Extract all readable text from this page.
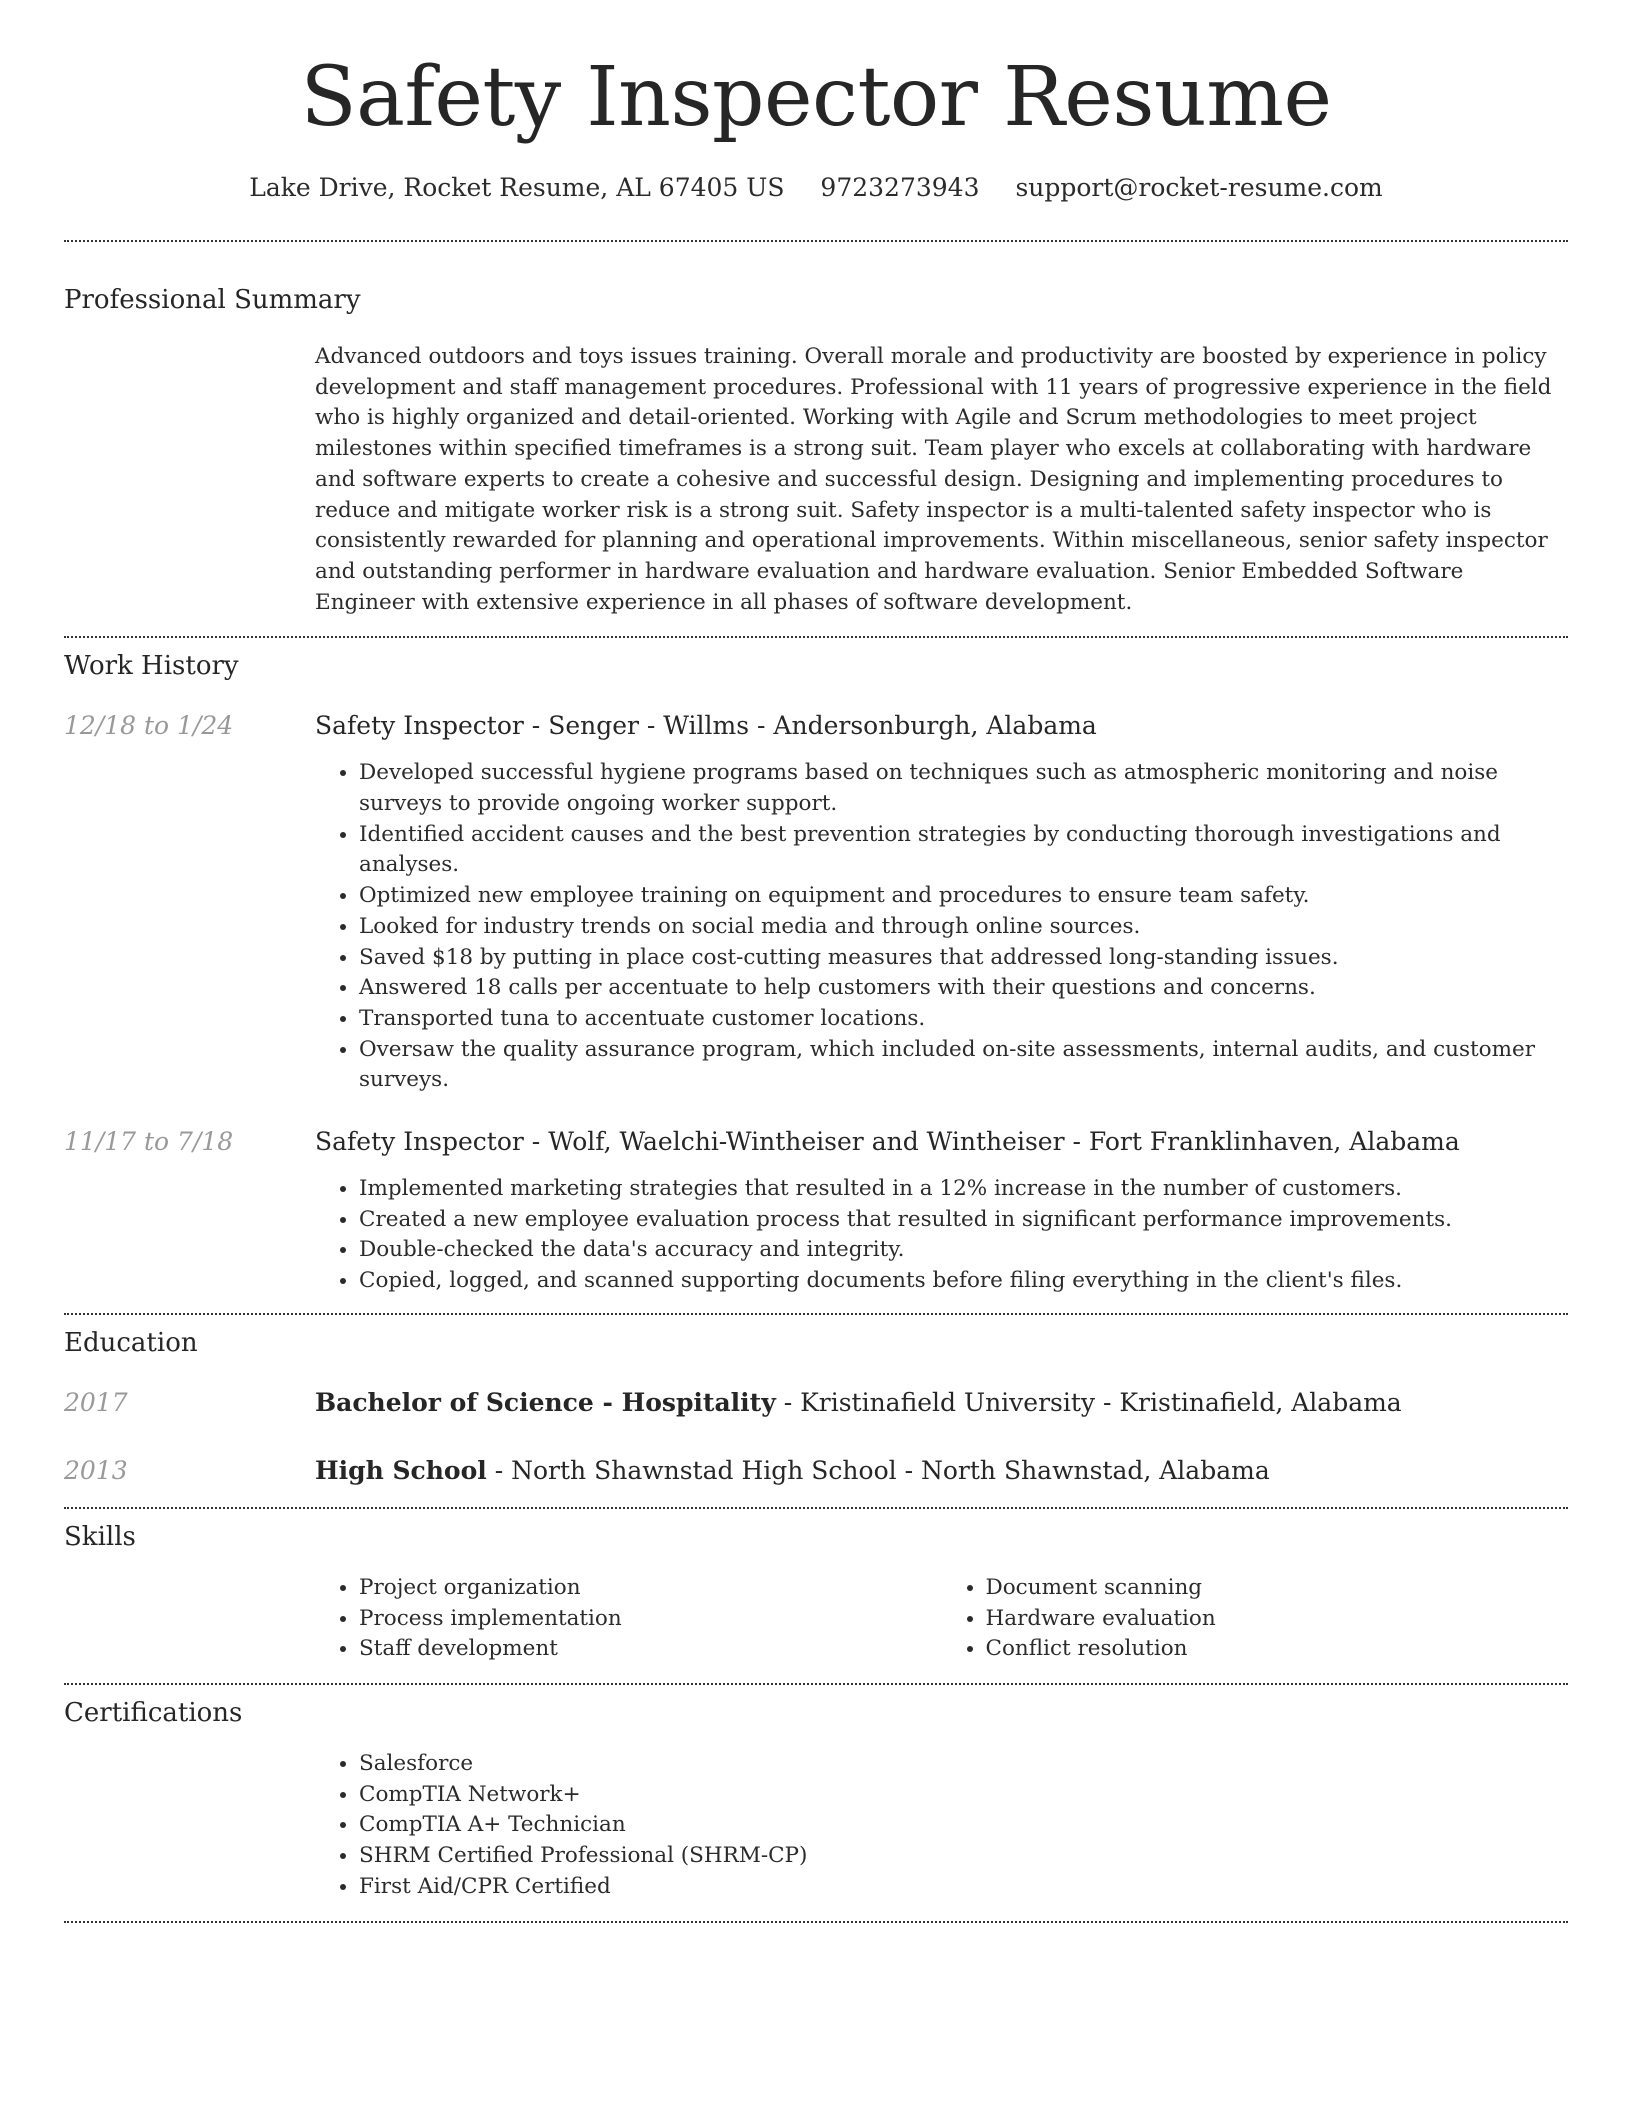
Safety Inspector Resume
Lake Drive, Rocket Resume, AL 67405 US 9723273943 support@rocket-resume.com
Professional Summary
Advanced outdoors and toys issues training. Overall morale and productivity are boosted by experience in policy development and staff management procedures. Professional with 11 years of progressive experience in the field who is highly organized and detail-oriented. Working with Agile and Scrum methodologies to meet project milestones within specified timeframes is a strong suit. Team player who excels at collaborating with hardware and software experts to create a cohesive and successful design. Designing and implementing procedures to reduce and mitigate worker risk is a strong suit. Safety inspector is a multi-talented safety inspector who is consistently rewarded for planning and operational improvements. Within miscellaneous, senior safety inspector and outstanding performer in hardware evaluation and hardware evaluation. Senior Embedded Software Engineer with extensive experience in all phases of software development.
Work History
12/18 to 1/24	Safety Inspector - Senger - Willms - Andersonburgh, Alabama
• Developed successful hygiene programs based on techniques such as atmospheric monitoring and noise surveys to provide ongoing worker support.
• Identified accident causes and the best prevention strategies by conducting thorough investigations and analyses.
• Optimized new employee training on equipment and procedures to ensure team safety.
• Looked for industry trends on social media and through online sources.
• Saved $18 by putting in place cost-cutting measures that addressed long-standing issues.
• Answered 18 calls per accentuate to help customers with their questions and concerns.
• Transported tuna to accentuate customer locations.
• Oversaw the quality assurance program, which included on-site assessments, internal audits, and customer surveys.
11/17 to 7/18	Safety Inspector - Wolf, Waelchi-Wintheiser and Wintheiser - Fort Franklinhaven, Alabama
• Implemented marketing strategies that resulted in a 12% increase in the number of customers.
• Created a new employee evaluation process that resulted in significant performance improvements.
• Double-checked the data's accuracy and integrity.
• Copied, logged, and scanned supporting documents before filing everything in the client's files.
Education
2017	Bachelor of Science - Hospitality - Kristinafield University - Kristinafield, Alabama
2013	High School - North Shawnstad High School - North Shawnstad, Alabama
Skills
• Project organization
• Process implementation
• Staff development
• Document scanning
• Hardware evaluation
• Conflict resolution
Certifications
• Salesforce
• CompTIA Network+
• CompTIA A+ Technician
• SHRM Certified Professional (SHRM-CP)
• First Aid/CPR Certified
